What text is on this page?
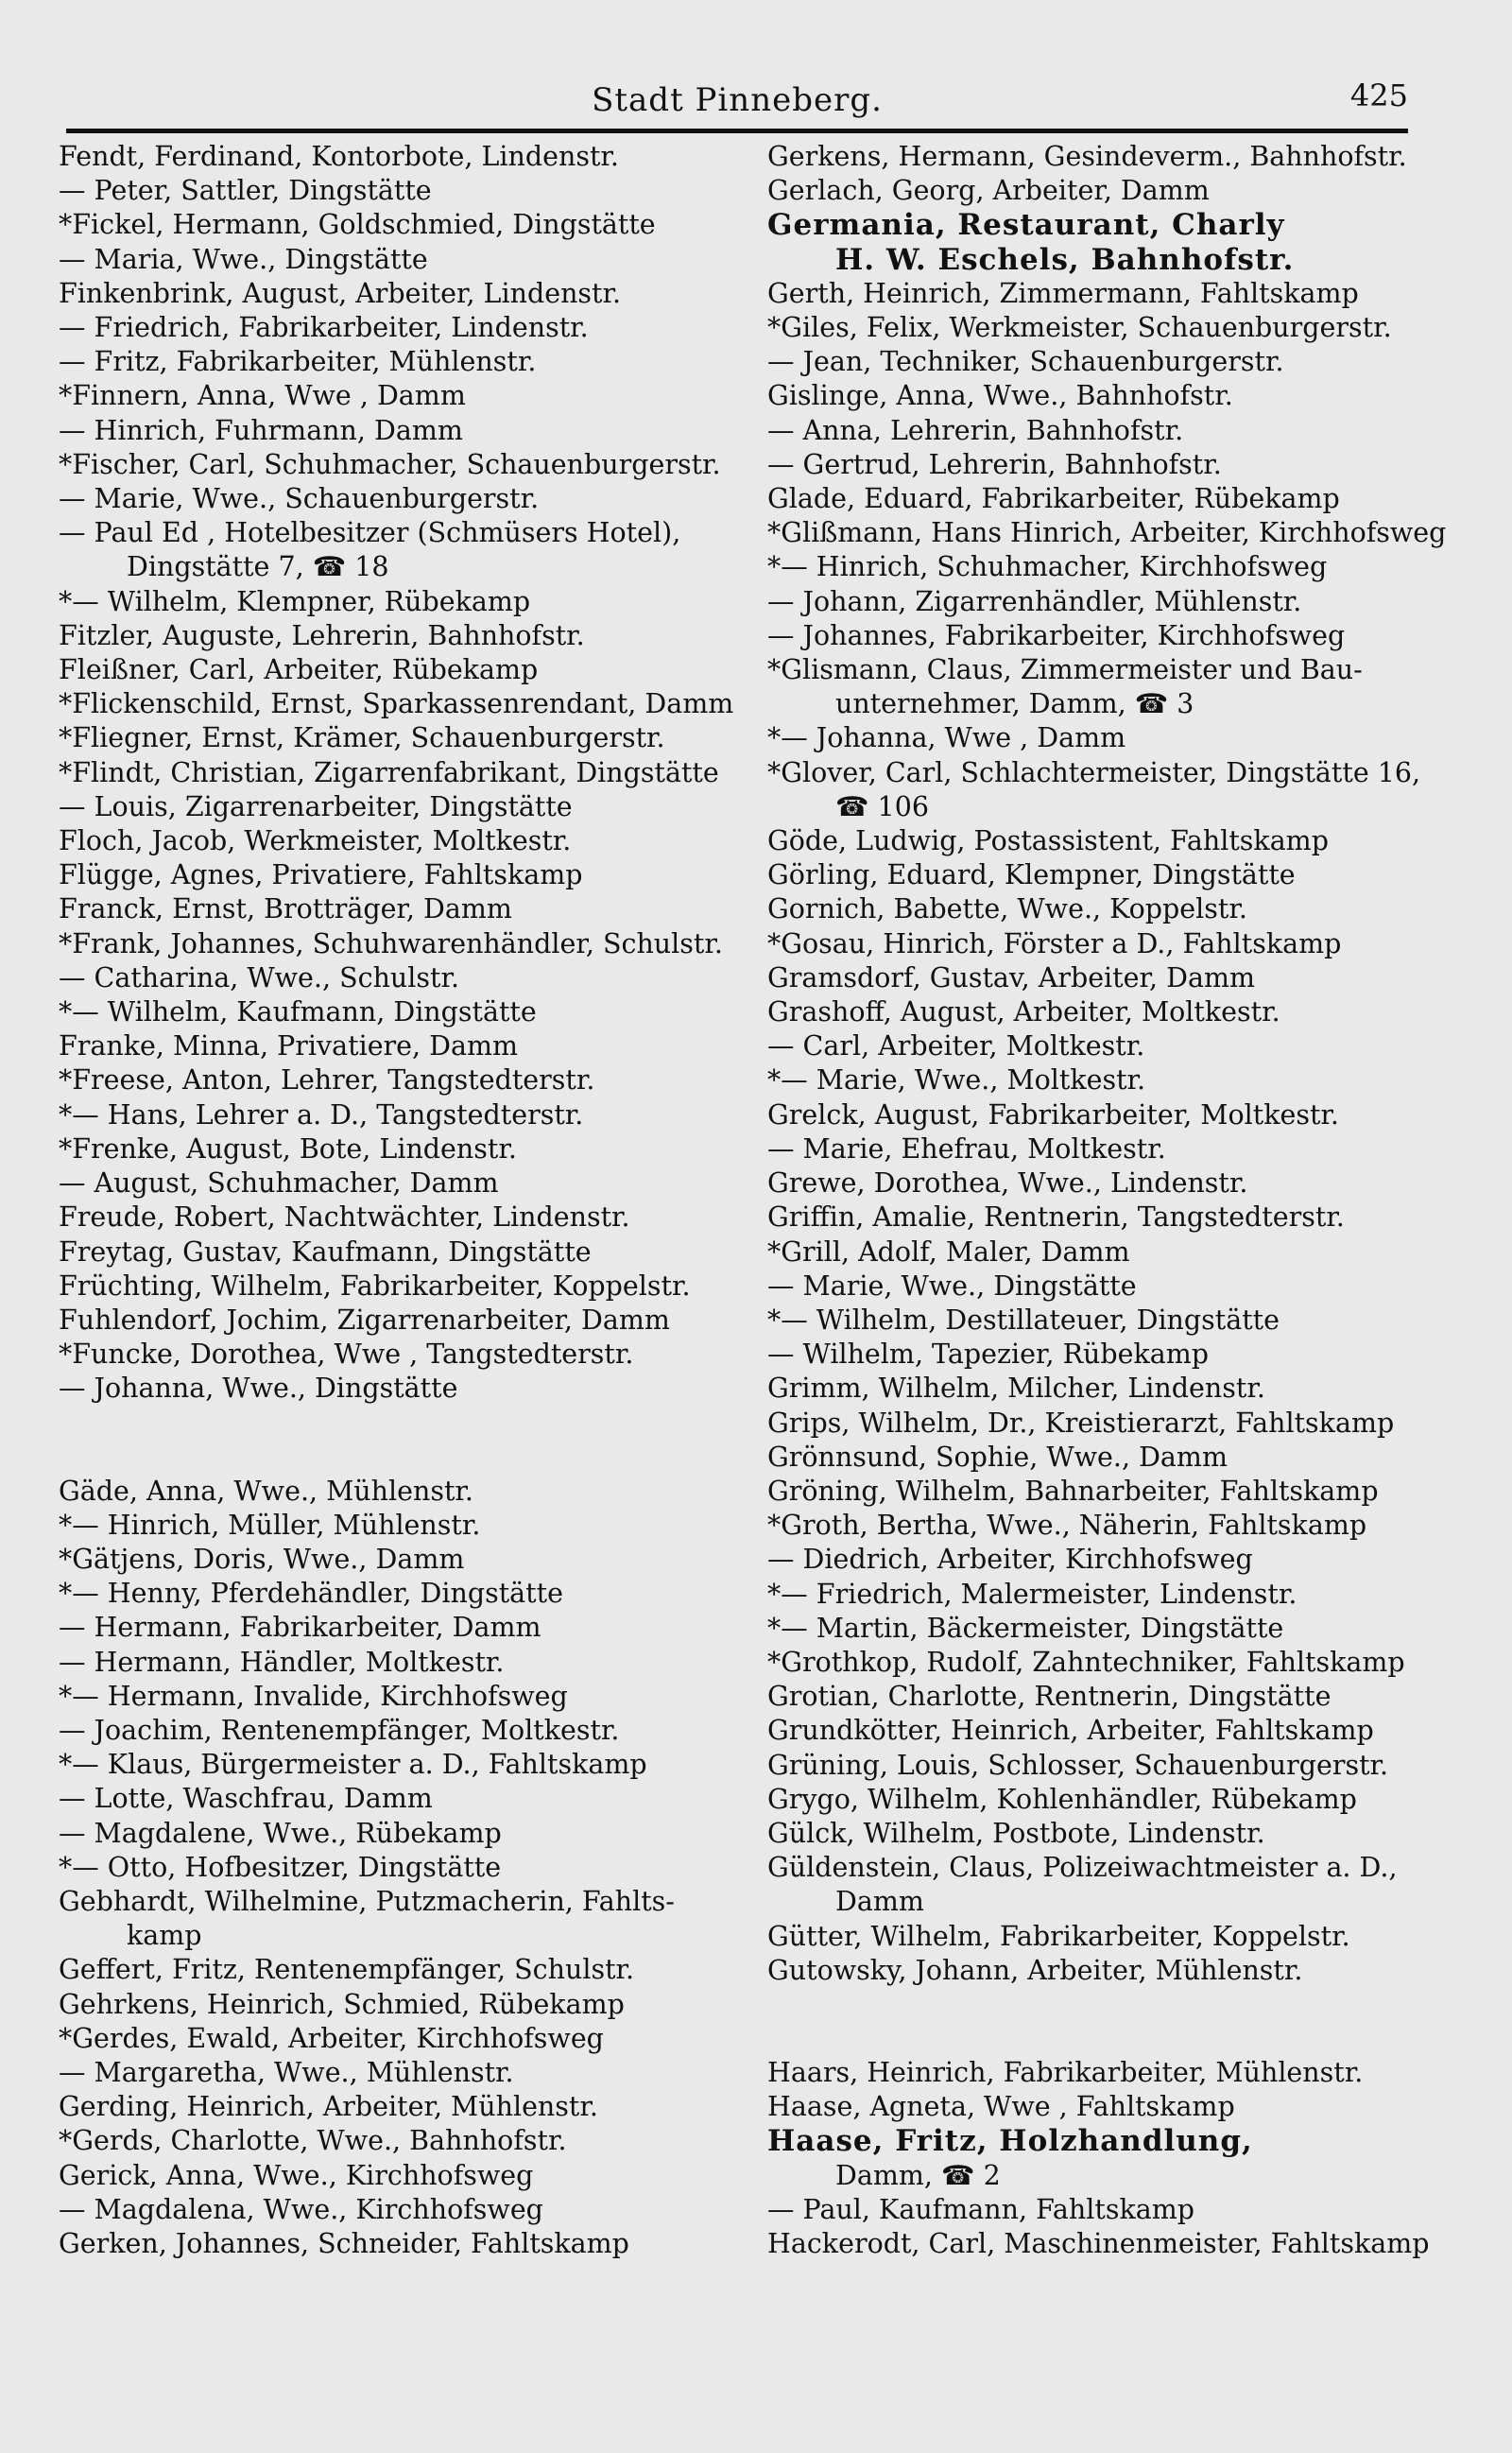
Stadt Pinneberg.	425
Fendt, Ferdinand, Kontorbote, Lindenstr.
— Peter, Sattler, Dingstätte
*Fickel, Hermann, Goldschmied, Dingstätte
— Maria, Wwe., Dingstätte
Finkenbrink, August, Arbeiter, Lindenstr.
— Friedrich, Fabrikarbeiter, Lindenstr.
— Fritz, Fabrikarbeiter, Mühlenstr.
*Finnern, Anna, Wwe , Damm
— Hinrich, Fuhrmann, Damm
*Fischer, Carl, Schuhmacher, Schauenburgerstr.
— Marie, Wwe., Schauenburgerstr.
— Paul Ed , Hotelbesitzer (Schmüsers Hotel),
Dingstätte 7, ☎ 18
*— Wilhelm, Klempner, Rübekamp
Fitzler, Auguste, Lehrerin, Bahnhofstr.
Fleißner, Carl, Arbeiter, Rübekamp
*Flickenschild, Ernst, Sparkassenrendant, Damm
*Fliegner, Ernst, Krämer, Schauenburgerstr.
*Flindt, Christian, Zigarrenfabrikant, Dingstätte
— Louis, Zigarrenarbeiter, Dingstätte
Floch, Jacob, Werkmeister, Moltkestr.
Flügge, Agnes, Privatiere, Fahltskamp
Franck, Ernst, Brotträger, Damm
*Frank, Johannes, Schuhwarenhändler, Schulstr.
— Catharina, Wwe., Schulstr.
*— Wilhelm, Kaufmann, Dingstätte
Franke, Minna, Privatiere, Damm
*Freese, Anton, Lehrer, Tangstedterstr.
*— Hans, Lehrer a. D., Tangstedterstr.
*Frenke, August, Bote, Lindenstr.
— August, Schuhmacher, Damm
Freude, Robert, Nachtwächter, Lindenstr.
Freytag, Gustav, Kaufmann, Dingstätte
Früchting, Wilhelm, Fabrikarbeiter, Koppelstr.
Fuhlendorf, Jochim, Zigarrenarbeiter, Damm
*Funcke, Dorothea, Wwe , Tangstedterstr.
— Johanna, Wwe., Dingstätte
Gäde, Anna, Wwe., Mühlenstr.
*— Hinrich, Müller, Mühlenstr.
*Gätjens, Doris, Wwe., Damm
*— Henny, Pferdehändler, Dingstätte
— Hermann, Fabrikarbeiter, Damm
— Hermann, Händler, Moltkestr.
*— Hermann, Invalide, Kirchhofsweg
— Joachim, Rentenempfänger, Moltkestr.
*— Klaus, Bürgermeister a. D., Fahltskamp
— Lotte, Waschfrau, Damm
— Magdalene, Wwe., Rübekamp
*— Otto, Hofbesitzer, Dingstätte
Gebhardt, Wilhelmine, Putzmacherin, Fahlts-
kamp
Geffert, Fritz, Rentenempfänger, Schulstr.
Gehrkens, Heinrich, Schmied, Rübekamp
*Gerdes, Ewald, Arbeiter, Kirchhofsweg
— Margaretha, Wwe., Mühlenstr.
Gerding, Heinrich, Arbeiter, Mühlenstr.
*Gerds, Charlotte, Wwe., Bahnhofstr.
Gerick, Anna, Wwe., Kirchhofsweg
— Magdalena, Wwe., Kirchhofsweg
Gerken, Johannes, Schneider, Fahltskamp
Gerkens, Hermann, Gesindeverm., Bahnhofstr.
Gerlach, Georg, Arbeiter, Damm
Germania, Restaurant, Charly
H. W. Eschels, Bahnhofstr.
Gerth, Heinrich, Zimmermann, Fahltskamp
*Giles, Felix, Werkmeister, Schauenburgerstr.
— Jean, Techniker, Schauenburgerstr.
Gislinge, Anna, Wwe., Bahnhofstr.
— Anna, Lehrerin, Bahnhofstr.
— Gertrud, Lehrerin, Bahnhofstr.
Glade, Eduard, Fabrikarbeiter, Rübekamp
*Glißmann, Hans Hinrich, Arbeiter, Kirchhofsweg
*— Hinrich, Schuhmacher, Kirchhofsweg
— Johann, Zigarrenhändler, Mühlenstr.
— Johannes, Fabrikarbeiter, Kirchhofsweg
*Glismann, Claus, Zimmermeister und Bau-
unternehmer, Damm, ☎ 3
*— Johanna, Wwe , Damm
*Glover, Carl, Schlachtermeister, Dingstätte 16,
☎ 106
Göde, Ludwig, Postassistent, Fahltskamp
Görling, Eduard, Klempner, Dingstätte
Gornich, Babette, Wwe., Koppelstr.
*Gosau, Hinrich, Förster a D., Fahltskamp
Gramsdorf, Gustav, Arbeiter, Damm
Grashoff, August, Arbeiter, Moltkestr.
— Carl, Arbeiter, Moltkestr.
*— Marie, Wwe., Moltkestr.
Grelck, August, Fabrikarbeiter, Moltkestr.
— Marie, Ehefrau, Moltkestr.
Grewe, Dorothea, Wwe., Lindenstr.
Griffin, Amalie, Rentnerin, Tangstedterstr.
*Grill, Adolf, Maler, Damm
— Marie, Wwe., Dingstätte
*— Wilhelm, Destillateuer, Dingstätte
— Wilhelm, Tapezier, Rübekamp
Grimm, Wilhelm, Milcher, Lindenstr.
Grips, Wilhelm, Dr., Kreistierarzt, Fahltskamp
Grönnsund, Sophie, Wwe., Damm
Gröning, Wilhelm, Bahnarbeiter, Fahltskamp
*Groth, Bertha, Wwe., Näherin, Fahltskamp
— Diedrich, Arbeiter, Kirchhofsweg
*— Friedrich, Malermeister, Lindenstr.
*— Martin, Bäckermeister, Dingstätte
*Grothkop, Rudolf, Zahntechniker, Fahltskamp
Grotian, Charlotte, Rentnerin, Dingstätte
Grundkötter, Heinrich, Arbeiter, Fahltskamp
Grüning, Louis, Schlosser, Schauenburgerstr.
Grygo, Wilhelm, Kohlenhändler, Rübekamp
Gülck, Wilhelm, Postbote, Lindenstr.
Güldenstein, Claus, Polizeiwachtmeister a. D.,
Damm
Gütter, Wilhelm, Fabrikarbeiter, Koppelstr.
Gutowsky, Johann, Arbeiter, Mühlenstr.
Haars, Heinrich, Fabrikarbeiter, Mühlenstr.
Haase, Agneta, Wwe , Fahltskamp
Haase, Fritz, Holzhandlung,
Damm, ☎ 2
— Paul, Kaufmann, Fahltskamp
Hackerodt, Carl, Maschinenmeister, Fahltskamp
